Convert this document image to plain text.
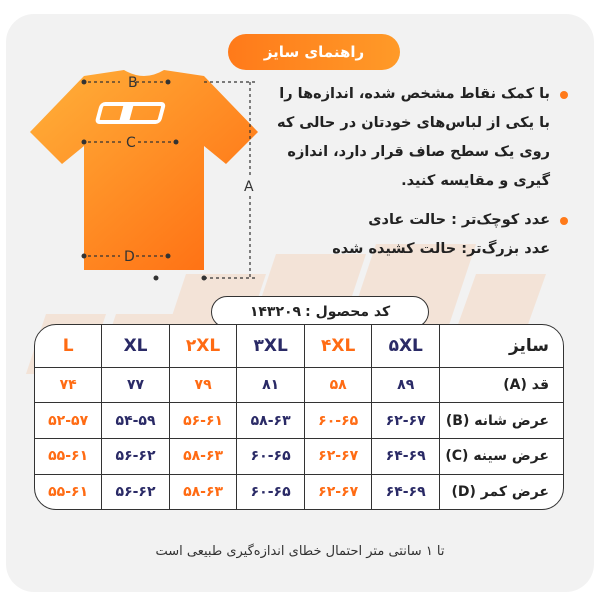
راهنمای سایز
B
C
D
A
با کمک نقاط مشخص شده، اندازه‌ها را با یکی از لباس‌های خودتان در حالی که روی یک سطح صاف قرار دارد، اندازه گیری و مقایسه کنید.
عدد کوچک‌تر : حالت عادی
عدد بزرگ‌تر: حالت کشیده شده
کد محصول :
۱۴۳۲۰۹
سایز	۵XL	۴XL	۳XL	۲XL	XL	L
قد (A)	۸۹	۵۸	۸۱	۷۹	۷۷	۷۴
عرض شانه (B)	۶۲-۶۷	۶۰-۶۵	۵۸-۶۳	۵۶-۶۱	۵۴-۵۹	۵۲-۵۷
عرض سینه (C)	۶۴-۶۹	۶۲-۶۷	۶۰-۶۵	۵۸-۶۳	۵۶-۶۲	۵۵-۶۱
عرض کمر (D)	۶۴-۶۹	۶۲-۶۷	۶۰-۶۵	۵۸-۶۳	۵۶-۶۲	۵۵-۶۱
تا ۱ سانتی متر احتمال خطای اندازه‌گیری طبیعی است
